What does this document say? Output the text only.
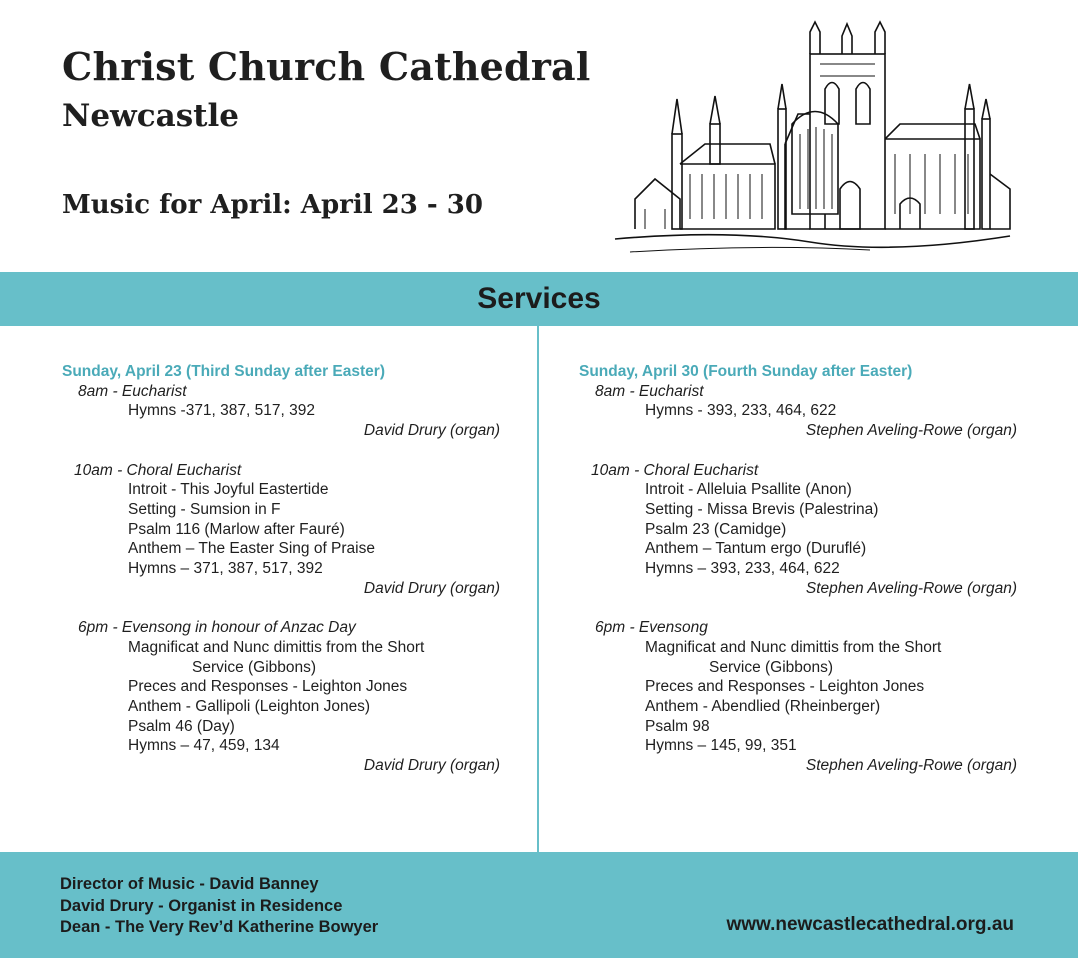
Christ Church Cathedral
Newcastle
Music for April: April 23 - 30
Services
Sunday, April 23 (Third Sunday after Easter)
8am - Eucharist
Hymns -371, 387, 517, 392
David Drury (organ)
10am - Choral Eucharist
Introit - This Joyful Eastertide
Setting - Sumsion in F
Psalm 116 (Marlow after Fauré)
Anthem – The Easter Sing of Praise
Hymns – 371, 387, 517, 392
David Drury (organ)
6pm - Evensong in honour of Anzac Day
Magnificat and Nunc dimittis from the Short
Service (Gibbons)
Preces and Responses - Leighton Jones
Anthem - Gallipoli (Leighton Jones)
Psalm 46 (Day)
Hymns – 47, 459, 134
David Drury (organ)
Sunday, April 30 (Fourth Sunday after Easter)
8am - Eucharist
Hymns - 393, 233, 464, 622
Stephen Aveling-Rowe (organ)
10am - Choral Eucharist
Introit - Alleluia Psallite (Anon)
Setting - Missa Brevis (Palestrina)
Psalm 23 (Camidge)
Anthem – Tantum ergo (Duruflé)
Hymns – 393, 233, 464, 622
Stephen Aveling-Rowe (organ)
6pm - Evensong
Magnificat and Nunc dimittis from the Short
Service (Gibbons)
Preces and Responses - Leighton Jones
Anthem - Abendlied (Rheinberger)
Psalm 98
Hymns – 145, 99, 351
Stephen Aveling-Rowe (organ)
Director of Music - David Banney
David Drury - Organist in Residence
Dean - The Very Rev’d Katherine Bowyer	www.newcastlecathedral.org.au
